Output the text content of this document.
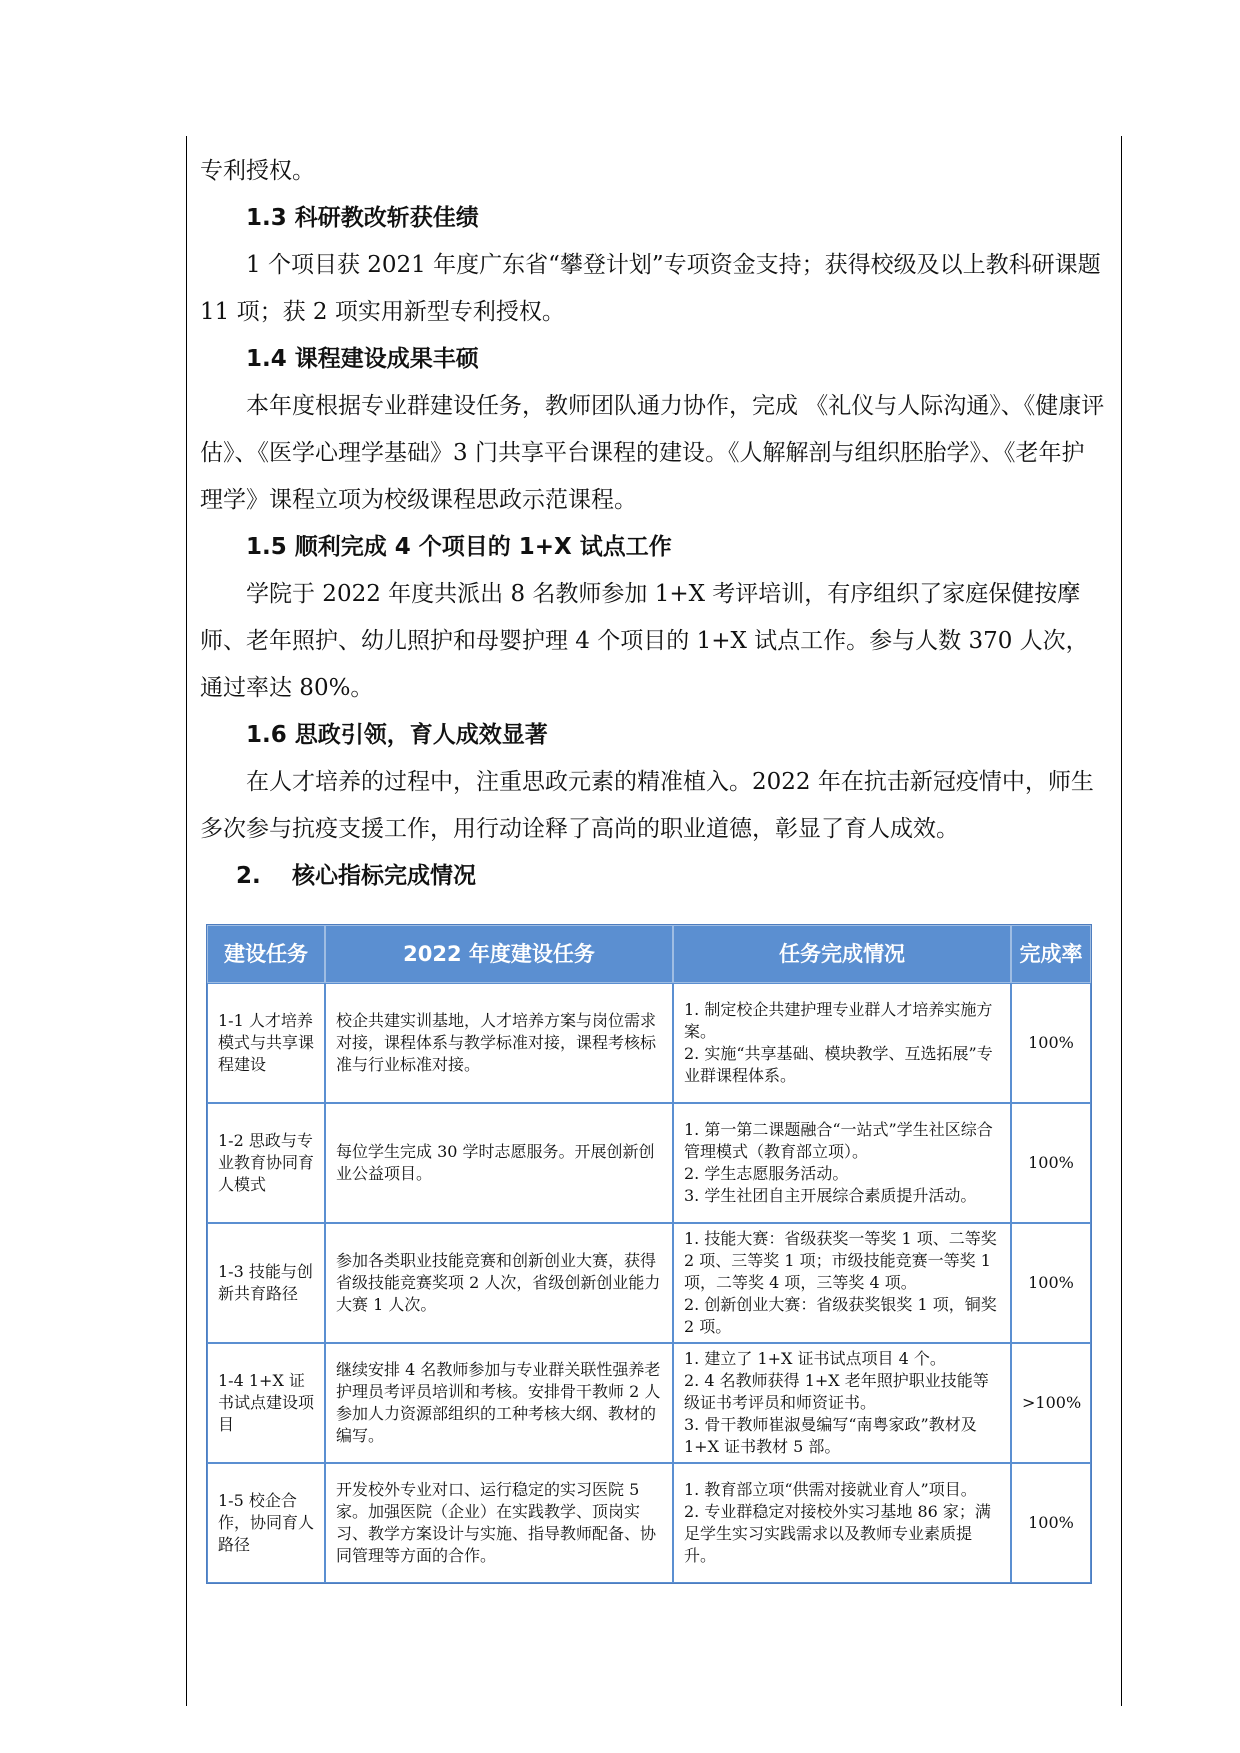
专利授权。

1.3 科研教改斩获佳绩

1 个项目获 2021 年度广东省“攀登计划”专项资金支持；获得校级及以上教科研课题 11 项；获 2 项实用新型专利授权。

1.4 课程建设成果丰硕

本年度根据专业群建设任务，教师团队通力协作，完成 《礼仪与人际沟通》、《健康评估》、《医学心理学基础》3 门共享平台课程的建设。《人解解剖与组织胚胎学》、《老年护理学》课程立项为校级课程思政示范课程。

1.5 顺利完成 4 个项目的 1+X 试点工作

学院于 2022 年度共派出 8 名教师参加 1+X 考评培训，有序组织了家庭保健按摩师、老年照护、幼儿照护和母婴护理 4 个项目的 1+X 试点工作。参与人数 370 人次，通过率达 80%。

1.6 思政引领，育人成效显著

在人才培养的过程中，注重思政元素的精准植入。2022 年在抗击新冠疫情中，师生多次参与抗疫支援工作，用行动诠释了高尚的职业道德，彰显了育人成效。

2. 核心指标完成情况

建设任务	2022 年度建设任务	任务完成情况	完成率
1-1 人才培养模式与共享课程建设	校企共建实训基地，人才培养方案与岗位需求对接，课程体系与教学标准对接，课程考核标准与行业标准对接。	1. 制定校企共建护理专业群人才培养实施方案。
2. 实施“共享基础、模块教学、互选拓展”专业群课程体系。	100%
1-2 思政与专业教育协同育人模式	每位学生完成 30 学时志愿服务。开展创新创业公益项目。	1. 第一第二课题融合“一站式”学生社区综合管理模式（教育部立项）。
2. 学生志愿服务活动。
3. 学生社团自主开展综合素质提升活动。	100%
1-3 技能与创新共育路径	参加各类职业技能竞赛和创新创业大赛，获得省级技能竞赛奖项 2 人次，省级创新创业能力大赛 1 人次。	1. 技能大赛：省级获奖一等奖 1 项、二等奖 2 项、三等奖 1 项；市级技能竞赛一等奖 1 项，二等奖 4 项，三等奖 4 项。
2. 创新创业大赛：省级获奖银奖 1 项，铜奖 2 项。	100%
1-4 1+X 证书试点建设项目	继续安排 4 名教师参加与专业群关联性强养老护理员考评员培训和考核。安排骨干教师 2 人参加人力资源部组织的工种考核大纲、教材的编写。	1. 建立了 1+X 证书试点项目 4 个。
2. 4 名教师获得 1+X 老年照护职业技能等级证书考评员和师资证书。
3. 骨干教师崔淑曼编写“南粤家政”教材及 1+X 证书教材 5 部。	>100%
1-5 校企合作，协同育人路径	开发校外专业对口、运行稳定的实习医院 5 家。加强医院（企业）在实践教学、顶岗实习、教学方案设计与实施、指导教师配备、协同管理等方面的合作。	1. 教育部立项“供需对接就业育人”项目。
2. 专业群稳定对接校外实习基地 86 家；满足学生实习实践需求以及教师专业素质提升。	100%
